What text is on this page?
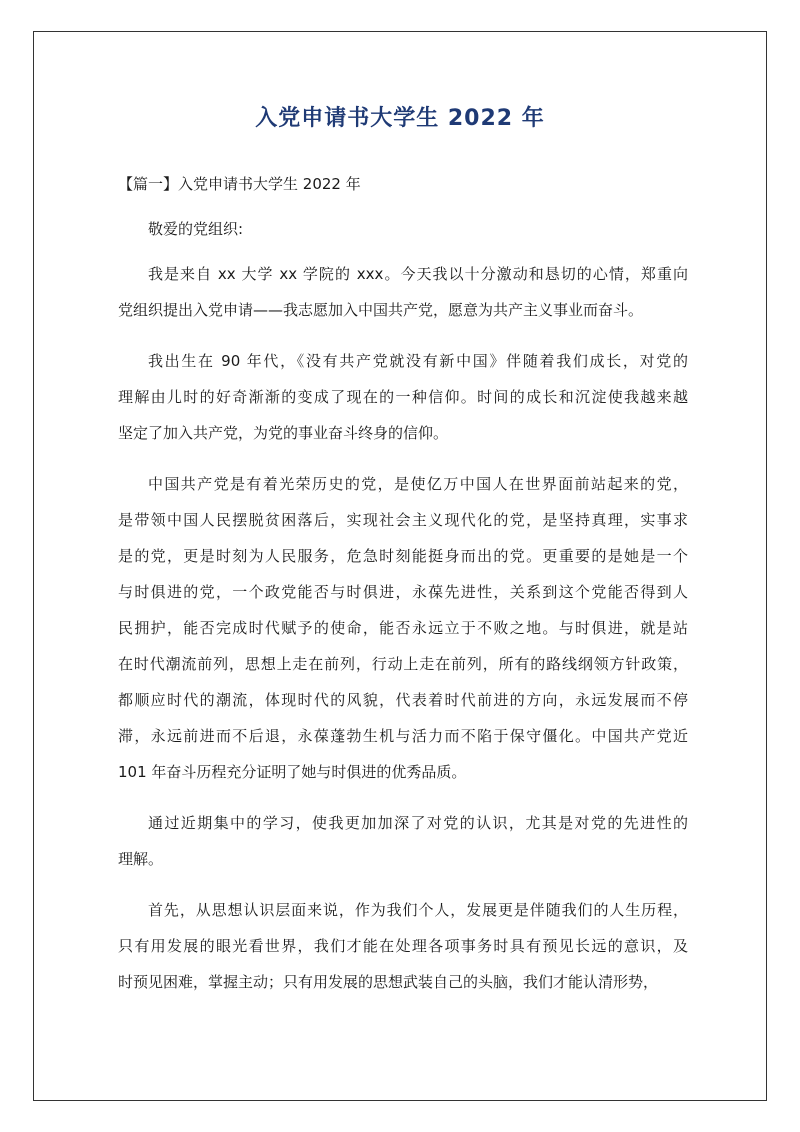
入党申请书大学生 2022 年

【篇一】入党申请书大学生 2022 年

敬爱的党组织:

我是来自 xx 大学 xx 学院的 xxx。今天我以十分激动和恳切的心情，郑重向
党组织提出入党申请——我志愿加入中国共产党，愿意为共产主义事业而奋斗。

我出生在 90 年代，《没有共产党就没有新中国》伴随着我们成长，对党的
理解由儿时的好奇渐渐的变成了现在的一种信仰。时间的成长和沉淀使我越来越
坚定了加入共产党，为党的事业奋斗终身的信仰。

中国共产党是有着光荣历史的党，是使亿万中国人在世界面前站起来的党，
是带领中国人民摆脱贫困落后，实现社会主义现代化的党，是坚持真理，实事求
是的党，更是时刻为人民服务，危急时刻能挺身而出的党。更重要的是她是一个
与时俱进的党，一个政党能否与时俱进，永葆先进性，关系到这个党能否得到人
民拥护，能否完成时代赋予的使命，能否永远立于不败之地。与时俱进，就是站
在时代潮流前列，思想上走在前列，行动上走在前列，所有的路线纲领方针政策，
都顺应时代的潮流，体现时代的风貌，代表着时代前进的方向，永远发展而不停
滞，永远前进而不后退，永葆蓬勃生机与活力而不陷于保守僵化。中国共产党近
101 年奋斗历程充分证明了她与时俱进的优秀品质。

通过近期集中的学习，使我更加加深了对党的认识，尤其是对党的先进性的
理解。

首先，从思想认识层面来说，作为我们个人，发展更是伴随我们的人生历程，
只有用发展的眼光看世界，我们才能在处理各项事务时具有预见长远的意识，及
时预见困难，掌握主动；只有用发展的思想武装自己的头脑，我们才能认清形势，
